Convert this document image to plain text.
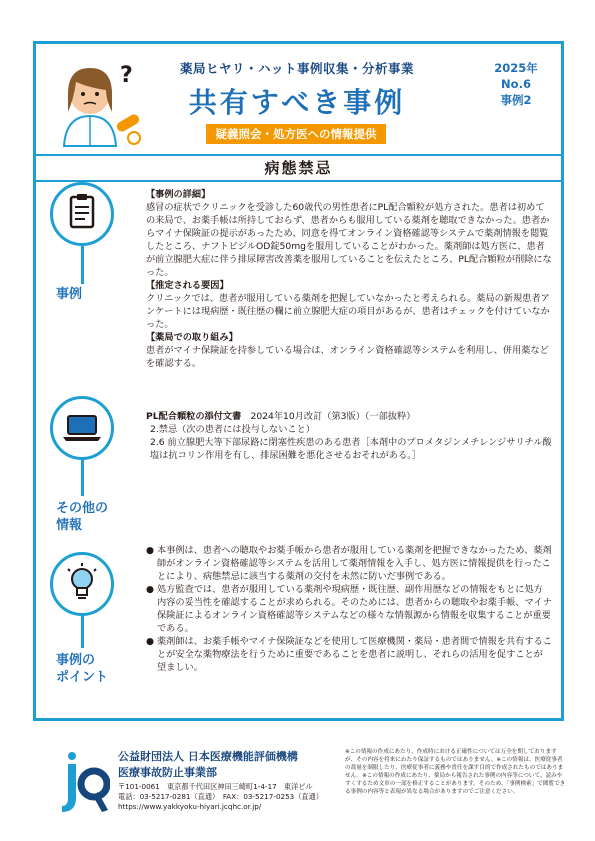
?	薬局ヒヤリ・ハット事例収集・分析事業
共有すべき事例
疑義照会・処方医への情報提供
2025年
No.6
事例2
病態禁忌
事例
その他の
情報
事例の
ポイント
【事例の詳細】
感冒の症状でクリニックを受診した60歳代の男性患者にPL配合顆粒が処方された。患者は初めての来局で、お薬手帳は所持しておらず、患者からも服用している薬剤を聴取できなかった。患者からマイナ保険証の提示があったため、同意を得てオンライン資格確認等システムで薬剤情報を閲覧したところ、ナフトピジルOD錠50mgを服用していることがわかった。薬剤師は処方医に、患者が前立腺肥大症に伴う排尿障害改善薬を服用していることを伝えたところ、PL配合顆粒が削除になった。
【推定される要因】
クリニックでは、患者が服用している薬剤を把握していなかったと考えられる。薬局の新規患者アンケートには現病歴・既往歴の欄に前立腺肥大症の項目があるが、患者はチェックを付けていなかった。
【薬局での取り組み】
患者がマイナ保険証を持参している場合は、オンライン資格確認等システムを利用し、併用薬などを確認する。
PL配合顆粒の添付文書　2024年10月改訂（第3版）（一部抜粋）
2.禁忌（次の患者には投与しないこと）
2.6 前立腺肥大等下部尿路に閉塞性疾患のある患者［本剤中のプロメタジンメチレンジサリチル酸塩は抗コリン作用を有し、排尿困難を悪化させるおそれがある。］
● 本事例は、患者への聴取やお薬手帳から患者が服用している薬剤を把握できなかったため、薬剤師がオンライン資格確認等システムを活用して薬剤情報を入手し、処方医に情報提供を行ったことにより、病態禁忌に該当する薬剤の交付を未然に防いだ事例である。
● 処方監査では、患者が服用している薬剤や現病歴・既往歴、副作用歴などの情報をもとに処方内容の妥当性を確認することが求められる。そのためには、患者からの聴取やお薬手帳、マイナ保険証によるオンライン資格確認等システムなどの様々な情報源から情報を収集することが重要である。
● 薬剤師は、お薬手帳やマイナ保険証などを使用して医療機関・薬局・患者間で情報を共有することが安全な薬物療法を行うために重要であることを患者に説明し、それらの活用を促すことが望ましい。
公益財団法人 日本医療機能評価機構
医療事故防止事業部
〒101-0061　東京都千代田区神田三崎町1-4-17　東洋ビル
電話：03-5217-0281（直通）　FAX：03-5217-0253（直通）
https://www.yakkyoku-hiyari.jcqhc.or.jp/
※この情報の作成にあたり、作成時における正確性については万全を期しておりますが、その内容を将来にわたり保証するものではありません。※この情報は、医療従事者の裁量を制限したり、医療従事者に義務や責任を課す目的で作成されたものではありません。※この情報の作成にあたり、薬局から報告された事例の内容等について、読みやすくするため文章の一部を修正することがあります。そのため、「事例検索」で閲覧できる事例の内容等と表現が異なる場合がありますのでご注意ください。
